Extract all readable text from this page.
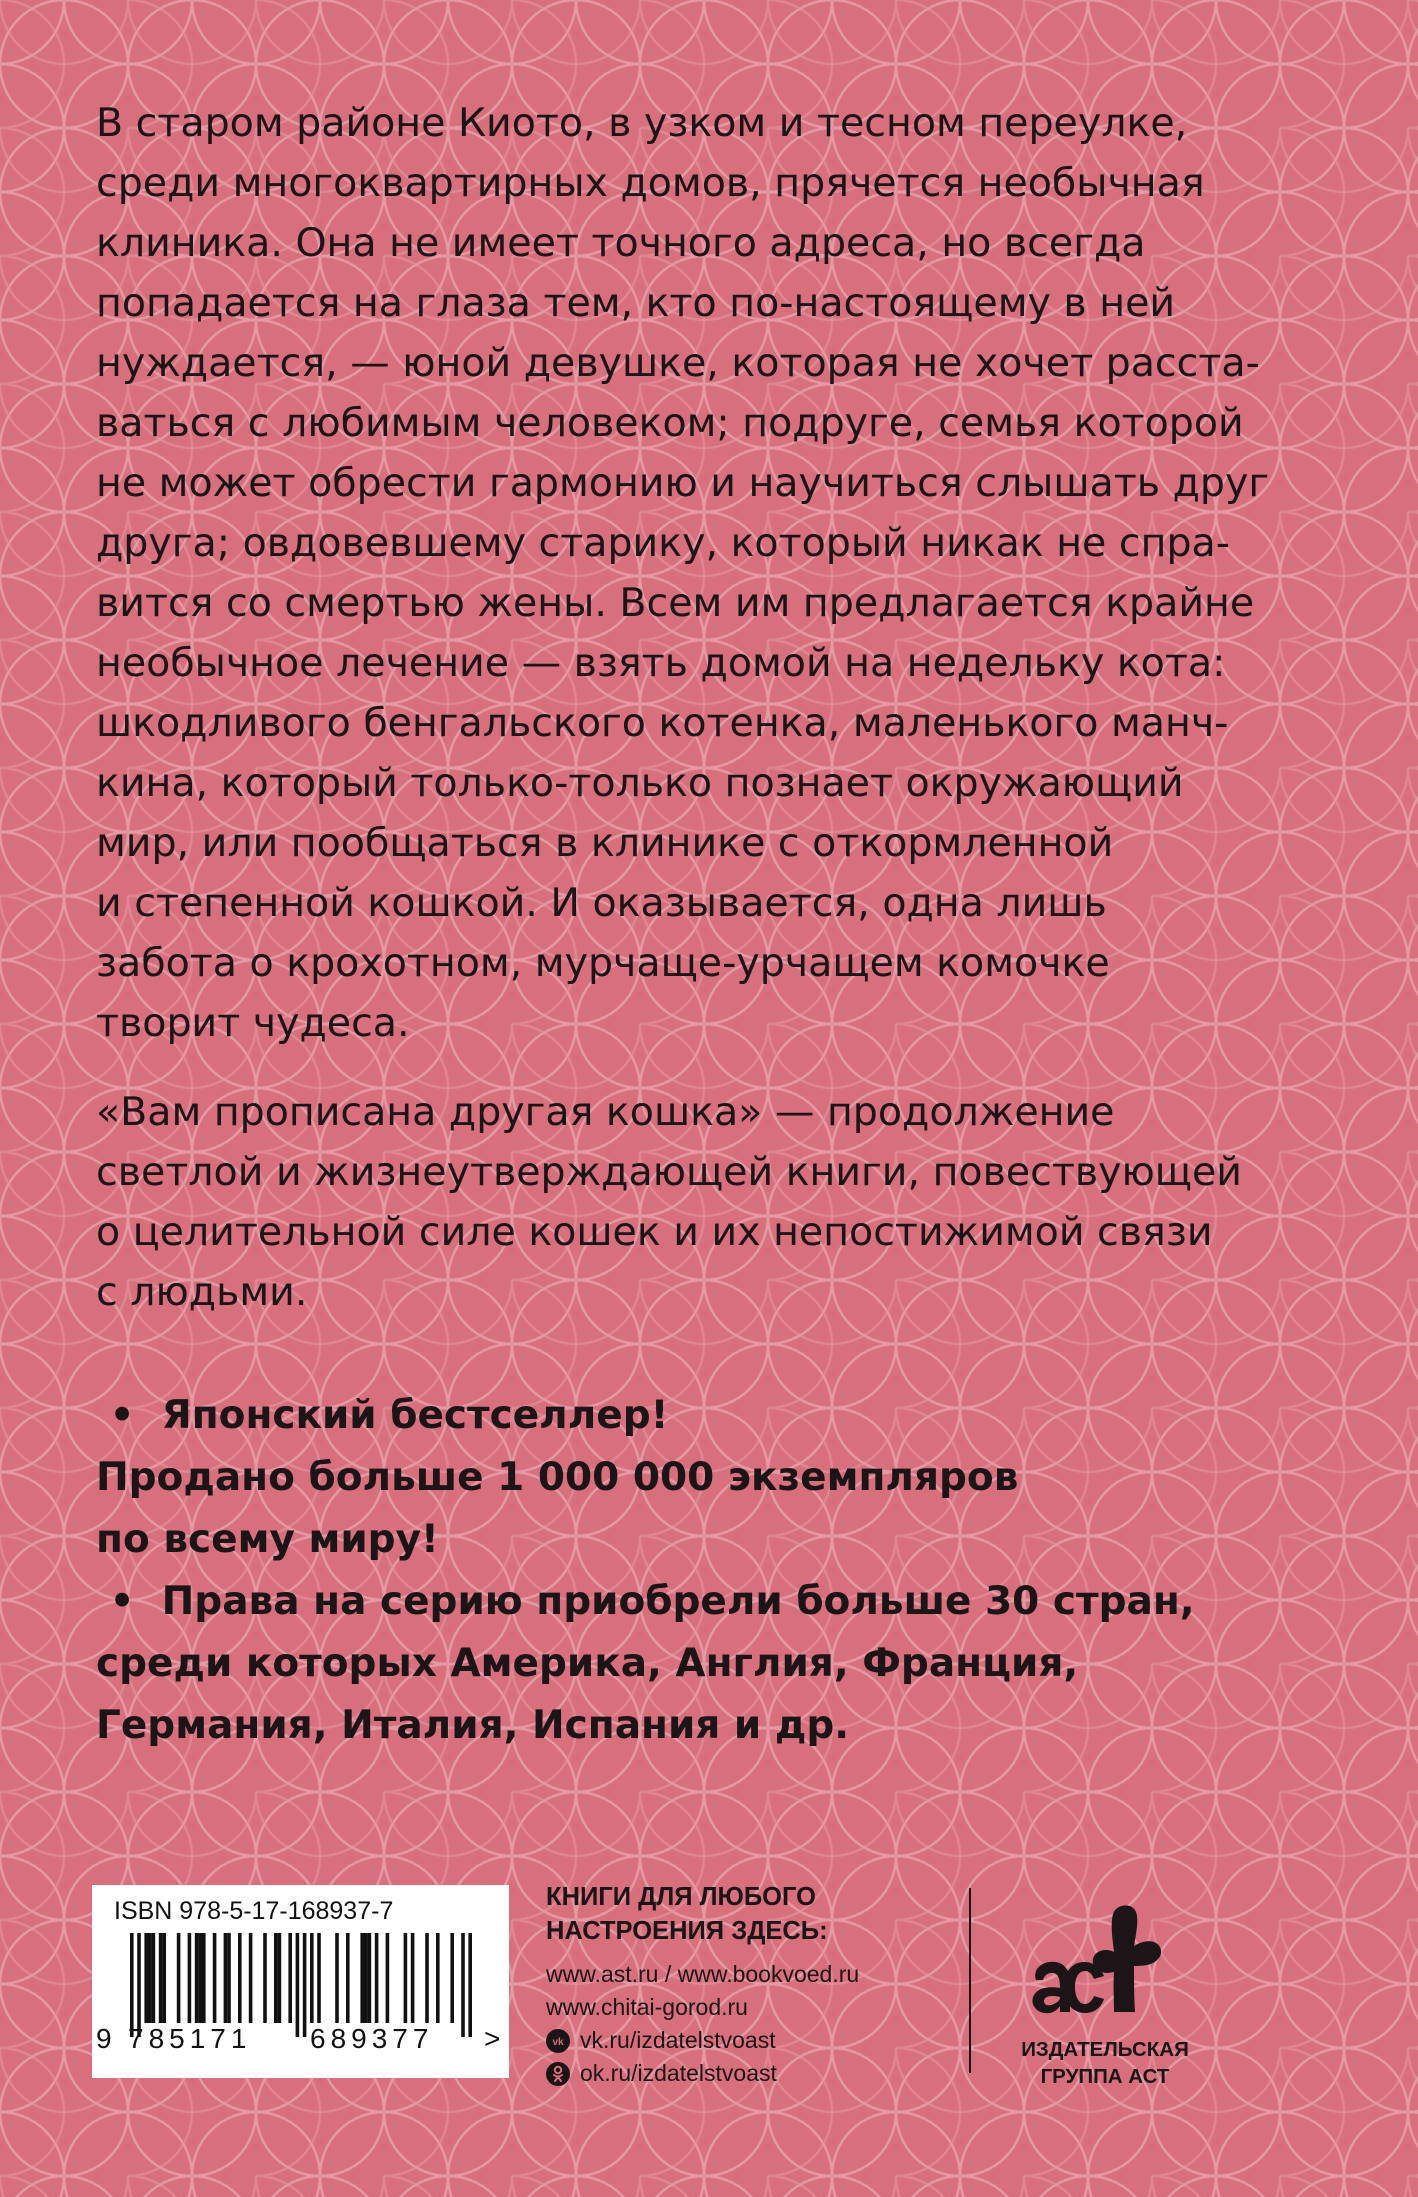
В старом районе Киото, в узком и тесном переулке,
среди многоквартирных домов, прячется необычная
клиника. Она не имеет точного адреса, но всегда
попадается на глаза тем, кто по-настоящему в ней
нуждается, — юной девушке, которая не хочет расста-
ваться с любимым человеком; подруге, семья которой
не может обрести гармонию и научиться слышать друг
друга; овдовевшему старику, который никак не спра-
вится со смертью жены. Всем им предлагается крайне
необычное лечение — взять домой на недельку кота:
шкодливого бенгальского котенка, маленького манч-
кина, который только-только познает окружающий
мир, или пообщаться в клинике с откормленной
и степенной кошкой. И оказывается, одна лишь
забота о крохотном, мурчаще-урчащем комочке
творит чудеса.
«Вам прописана другая кошка» — продолжение
светлой и жизнеутверждающей книги, повествующей
о целительной силе кошек и их непостижимой связи
с людьми.
• Японский бестселлер!
Продано больше 1 000 000 экземпляров
по всему миру!
• Права на серию приобрели больше 30 стран,
среди которых Америка, Англия, Франция,
Германия, Италия, Испания и др.
ISBN 978-5-17-168937-7
9 785171 689377 >
КНИГИ ДЛЯ ЛЮБОГО
НАСТРОЕНИЯ ЗДЕСЬ:
www.ast.ru / www.bookvoed.ru
www.chitai-gorod.ru
vk vk.ru/izdatelstvoast
ok.ru/izdatelstvoast
ИЗДАТЕЛЬСКАЯ
ГРУППА АСТ
